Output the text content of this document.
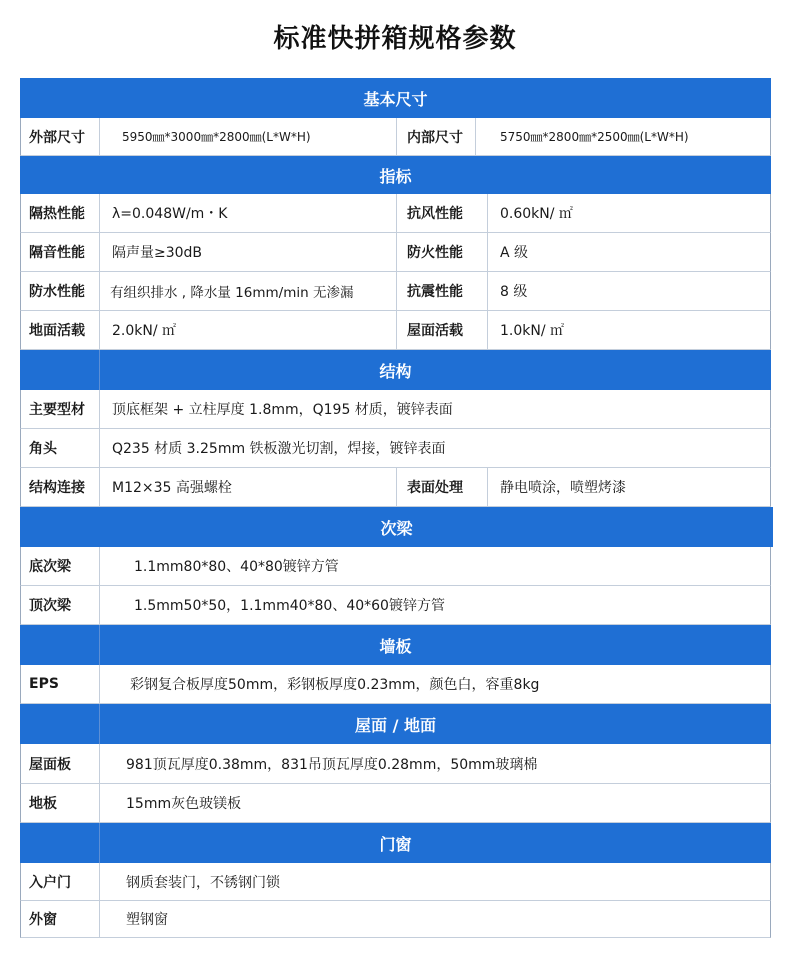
标准快拼箱规格参数
基本尺寸
外部尺寸	5950㎜*3000㎜*2800㎜(L*W*H)	内部尺寸	5750㎜*2800㎜*2500㎜(L*W*H)
指标
隔热性能	λ=0.048W/m・K	抗风性能	0.60kN/ ㎡
隔音性能	隔声量≥30dB	防火性能	A 级
防水性能	有组织排水 , 降水量 16mm/min 无渗漏	抗震性能	8 级
地面活载	2.0kN/ ㎡	屋面活载	1.0kN/ ㎡
结构
主要型材	顶底框架 + 立柱厚度 1.8mm，Q195 材质，镀锌表面
角头	Q235 材质 3.25mm 铁板激光切割，焊接，镀锌表面
结构连接	M12×35 高强螺栓	表面处理	静电喷涂，喷塑烤漆
次梁
底次梁	1.1mm80*80、40*80镀锌方管
顶次梁	1.5mm50*50，1.1mm40*80、40*60镀锌方管
墙板
EPS	彩钢复合板厚度50mm，彩钢板厚度0.23mm，颜色白，容重8kg
屋面 / 地面
屋面板	981顶瓦厚度0.38mm，831吊顶瓦厚度0.28mm，50mm玻璃棉
地板	15mm灰色玻镁板
门窗
入户门	钢质套装门，不锈钢门锁
外窗	塑钢窗
